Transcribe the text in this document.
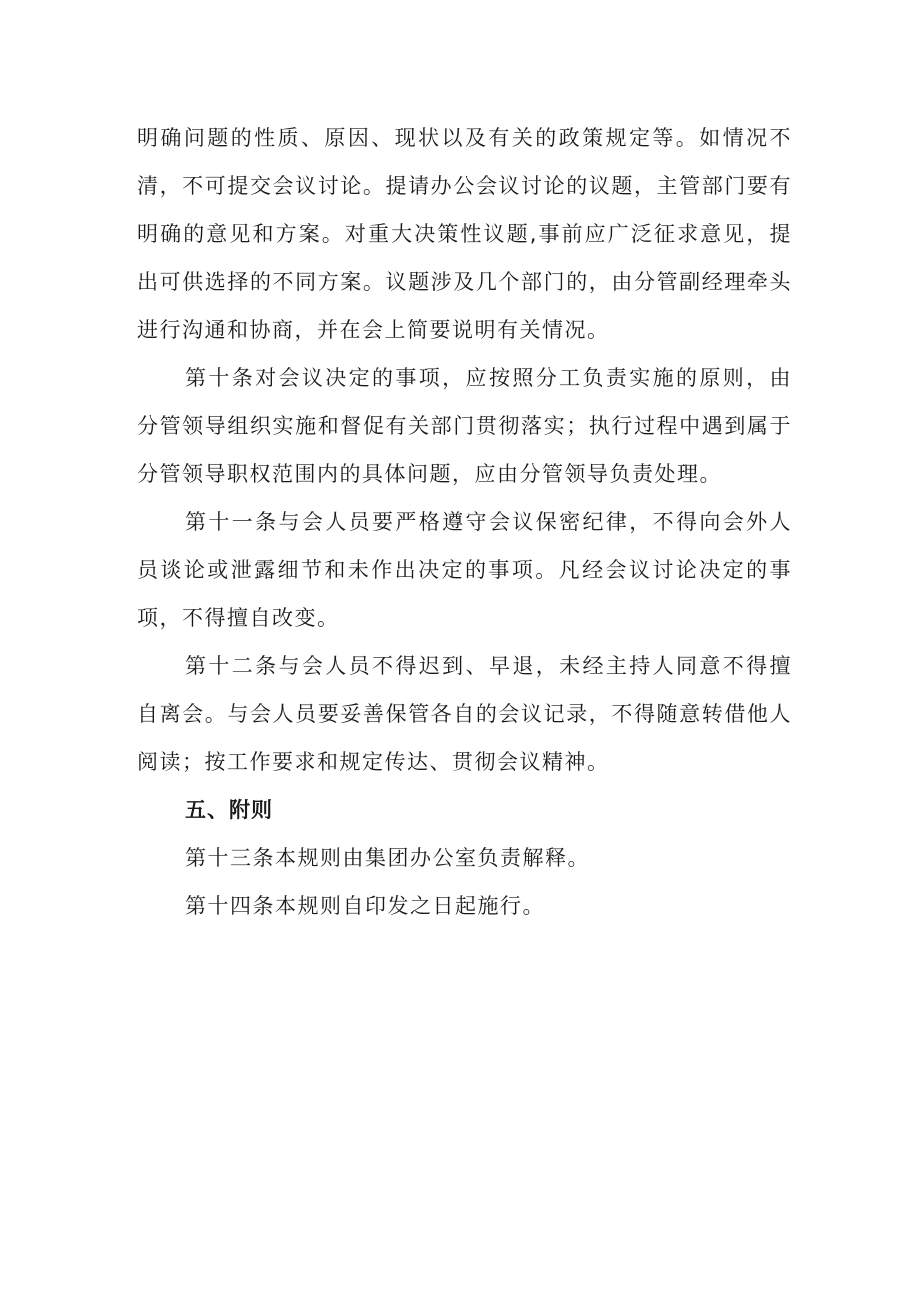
明确问题的性质、原因、现状以及有关的政策规定等。如情况不清，不可提交会议讨论。提请办公会议讨论的议题，主管部门要有明确的意见和方案。对重大决策性议题,事前应广泛征求意见，提出可供选择的不同方案。议题涉及几个部门的，由分管副经理牵头进行沟通和协商，并在会上简要说明有关情况。

第十条对会议决定的事项，应按照分工负责实施的原则，由分管领导组织实施和督促有关部门贯彻落实；执行过程中遇到属于分管领导职权范围内的具体问题，应由分管领导负责处理。

第十一条与会人员要严格遵守会议保密纪律，不得向会外人员谈论或泄露细节和未作出决定的事项。凡经会议讨论决定的事项，不得擅自改变。

第十二条与会人员不得迟到、早退，未经主持人同意不得擅自离会。与会人员要妥善保管各自的会议记录，不得随意转借他人阅读；按工作要求和规定传达、贯彻会议精神。

五、附则

第十三条本规则由集团办公室负责解释。

第十四条本规则自印发之日起施行。
